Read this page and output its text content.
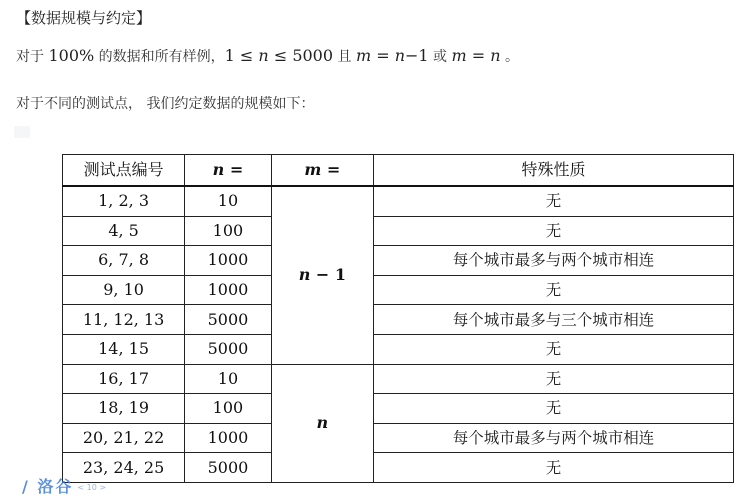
【数据规模与约定】
对于 100% 的数据和所有样例，1 ≤ n ≤ 5000 且 m = n−1 或 m = n 。
对于不同的测试点， 我们约定数据的规模如下：
测试点编号	n =	m =	特殊性质
1, 2, 3	10	n − 1	无
4, 5	100		无
6, 7, 8	1000		每个城市最多与两个城市相连
9, 10	1000		无
11, 12, 13	5000		每个城市最多与三个城市相连
14, 15	5000		无
16, 17	10	n	无
18, 19	100		无
20, 21, 22	1000		每个城市最多与两个城市相连
23, 24, 25	5000		无
/ 洛谷 < 10 >
